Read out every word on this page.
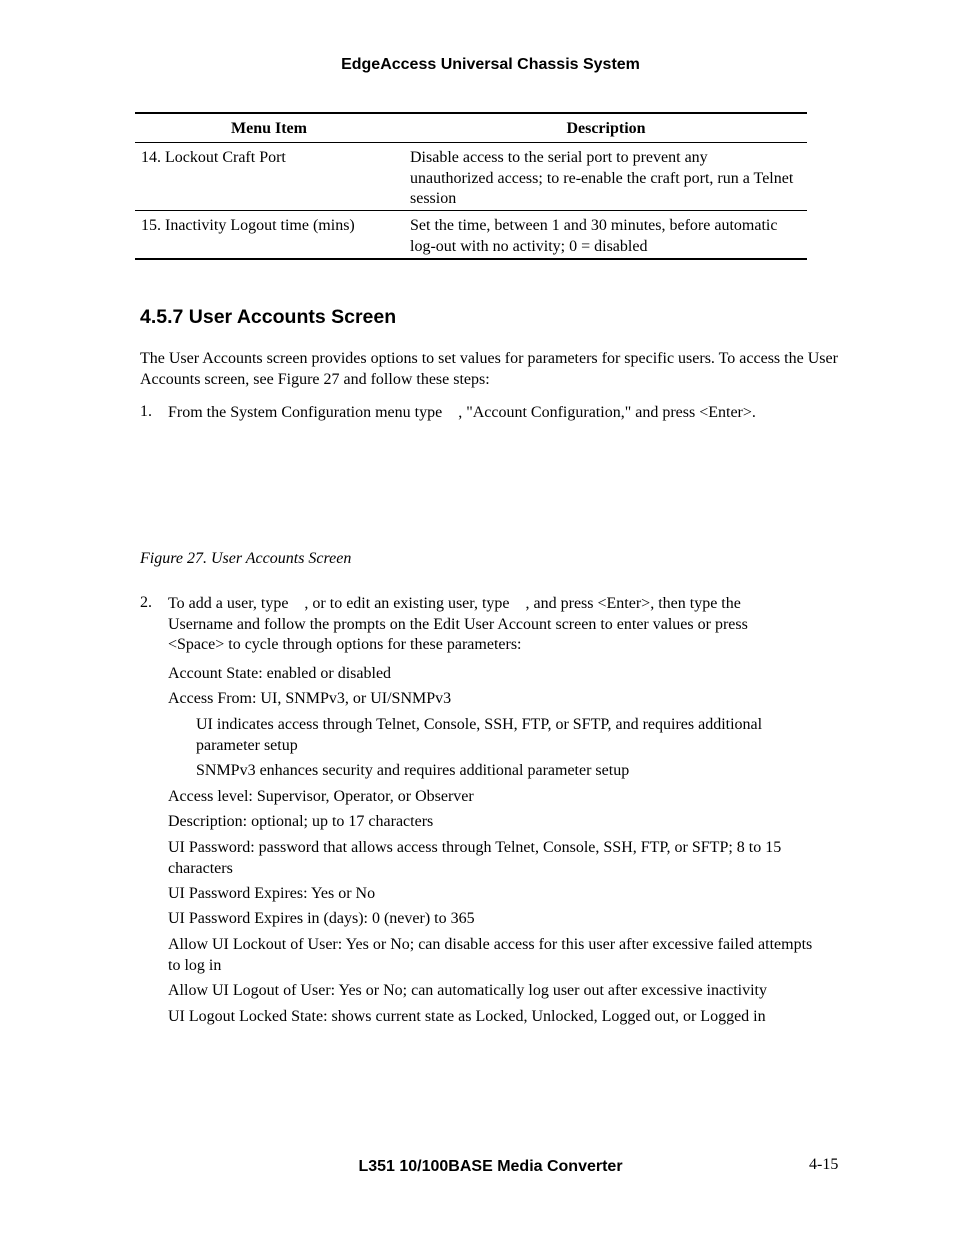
EdgeAccess Universal Chassis System
Menu Item	Description
14. Lockout Craft Port	Disable access to the serial port to prevent any unauthorized access; to re-enable the craft port, run a Telnet session
15. Inactivity Logout time (mins)	Set the time, between 1 and 30 minutes, before automatic log-out with no activity; 0 = disabled
4.5.7 User Accounts Screen
The User Accounts screen provides options to set values for parameters for specific users. To access the User Accounts screen, see Figure 27 and follow these steps:
1. From the System Configuration menu type    , "Account Configuration," and press <Enter>.
Figure 27. User Accounts Screen
2. To add a user, type    , or to edit an existing user, type    , and press <Enter>, then type the Username and follow the prompts on the Edit User Account screen to enter values or press <Space> to cycle through options for these parameters:
Account State: enabled or disabled
Access From: UI, SNMPv3, or UI/SNMPv3
UI indicates access through Telnet, Console, SSH, FTP, or SFTP, and requires additional parameter setup
SNMPv3 enhances security and requires additional parameter setup
Access level: Supervisor, Operator, or Observer
Description: optional; up to 17 characters
UI Password: password that allows access through Telnet, Console, SSH, FTP, or SFTP; 8 to 15 characters
UI Password Expires: Yes or No
UI Password Expires in (days): 0 (never) to 365
Allow UI Lockout of User: Yes or No; can disable access for this user after excessive failed attempts to log in
Allow UI Logout of User: Yes or No; can automatically log user out after excessive inactivity
UI Logout Locked State: shows current state as Locked, Unlocked, Logged out, or Logged in
L351 10/100BASE Media Converter	4-15
